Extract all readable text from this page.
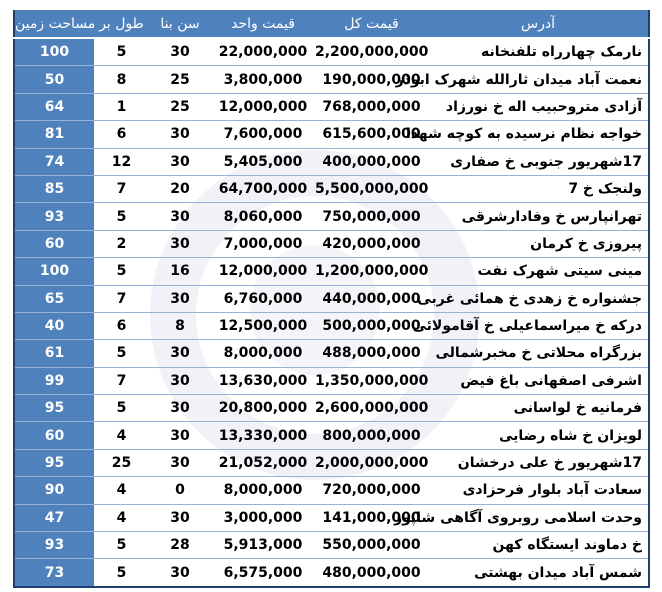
مساحت زمین	طول بر	سن بنا	قیمت واحد	قیمت کل	آدرس
100	5	30	22,000,000	2,200,000,000	نارمک چهارراه تلفنخانه
50	8	25	3,800,000	190,000,000	نعمت آباد میدان ثارالله شهرک ابوذر
64	1	25	12,000,000	768,000,000	آزادی متروحبیب اله خ نورزاد
81	6	30	7,600,000	615,600,000	خواجه نظام نرسیده به کوچه شهدا
74	12	30	5,405,000	400,000,000	17شهریور جنوبی خ صفاری
85	7	20	64,700,000	5,500,000,000	ولنجک خ 7
93	5	30	8,060,000	750,000,000	تهرانپارس خ وفادارشرقی
60	2	30	7,000,000	420,000,000	پیروزی خ کرمان
100	5	16	12,000,000	1,200,000,000	مینی سیتی شهرک نفت
65	7	30	6,760,000	440,000,000	جشنواره خ زهدی خ همائی غربی
40	6	8	12,500,000	500,000,000	درکه خ میراسماعیلی خ آقامولائی
61	5	30	8,000,000	488,000,000	بزرگراه محلاتی خ مخبرشمالی
99	7	30	13,630,000	1,350,000,000	اشرفی اصفهانی باغ فیض
95	5	30	20,800,000	2,600,000,000	فرمانیه خ لواسانی
60	4	30	13,330,000	800,000,000	لویزان خ شاه رضایی
95	25	30	21,052,000	2,000,000,000	17شهریور خ علی درخشان
90	4	0	8,000,000	720,000,000	سعادت آباد بلوار فرحزادی
47	4	30	3,000,000	141,000,000	وحدت اسلامی روبروی آگاهی شاپور
93	5	28	5,913,000	550,000,000	خ دماوند ایستگاه کهن
73	5	30	6,575,000	480,000,000	شمس آباد میدان بهشتی
